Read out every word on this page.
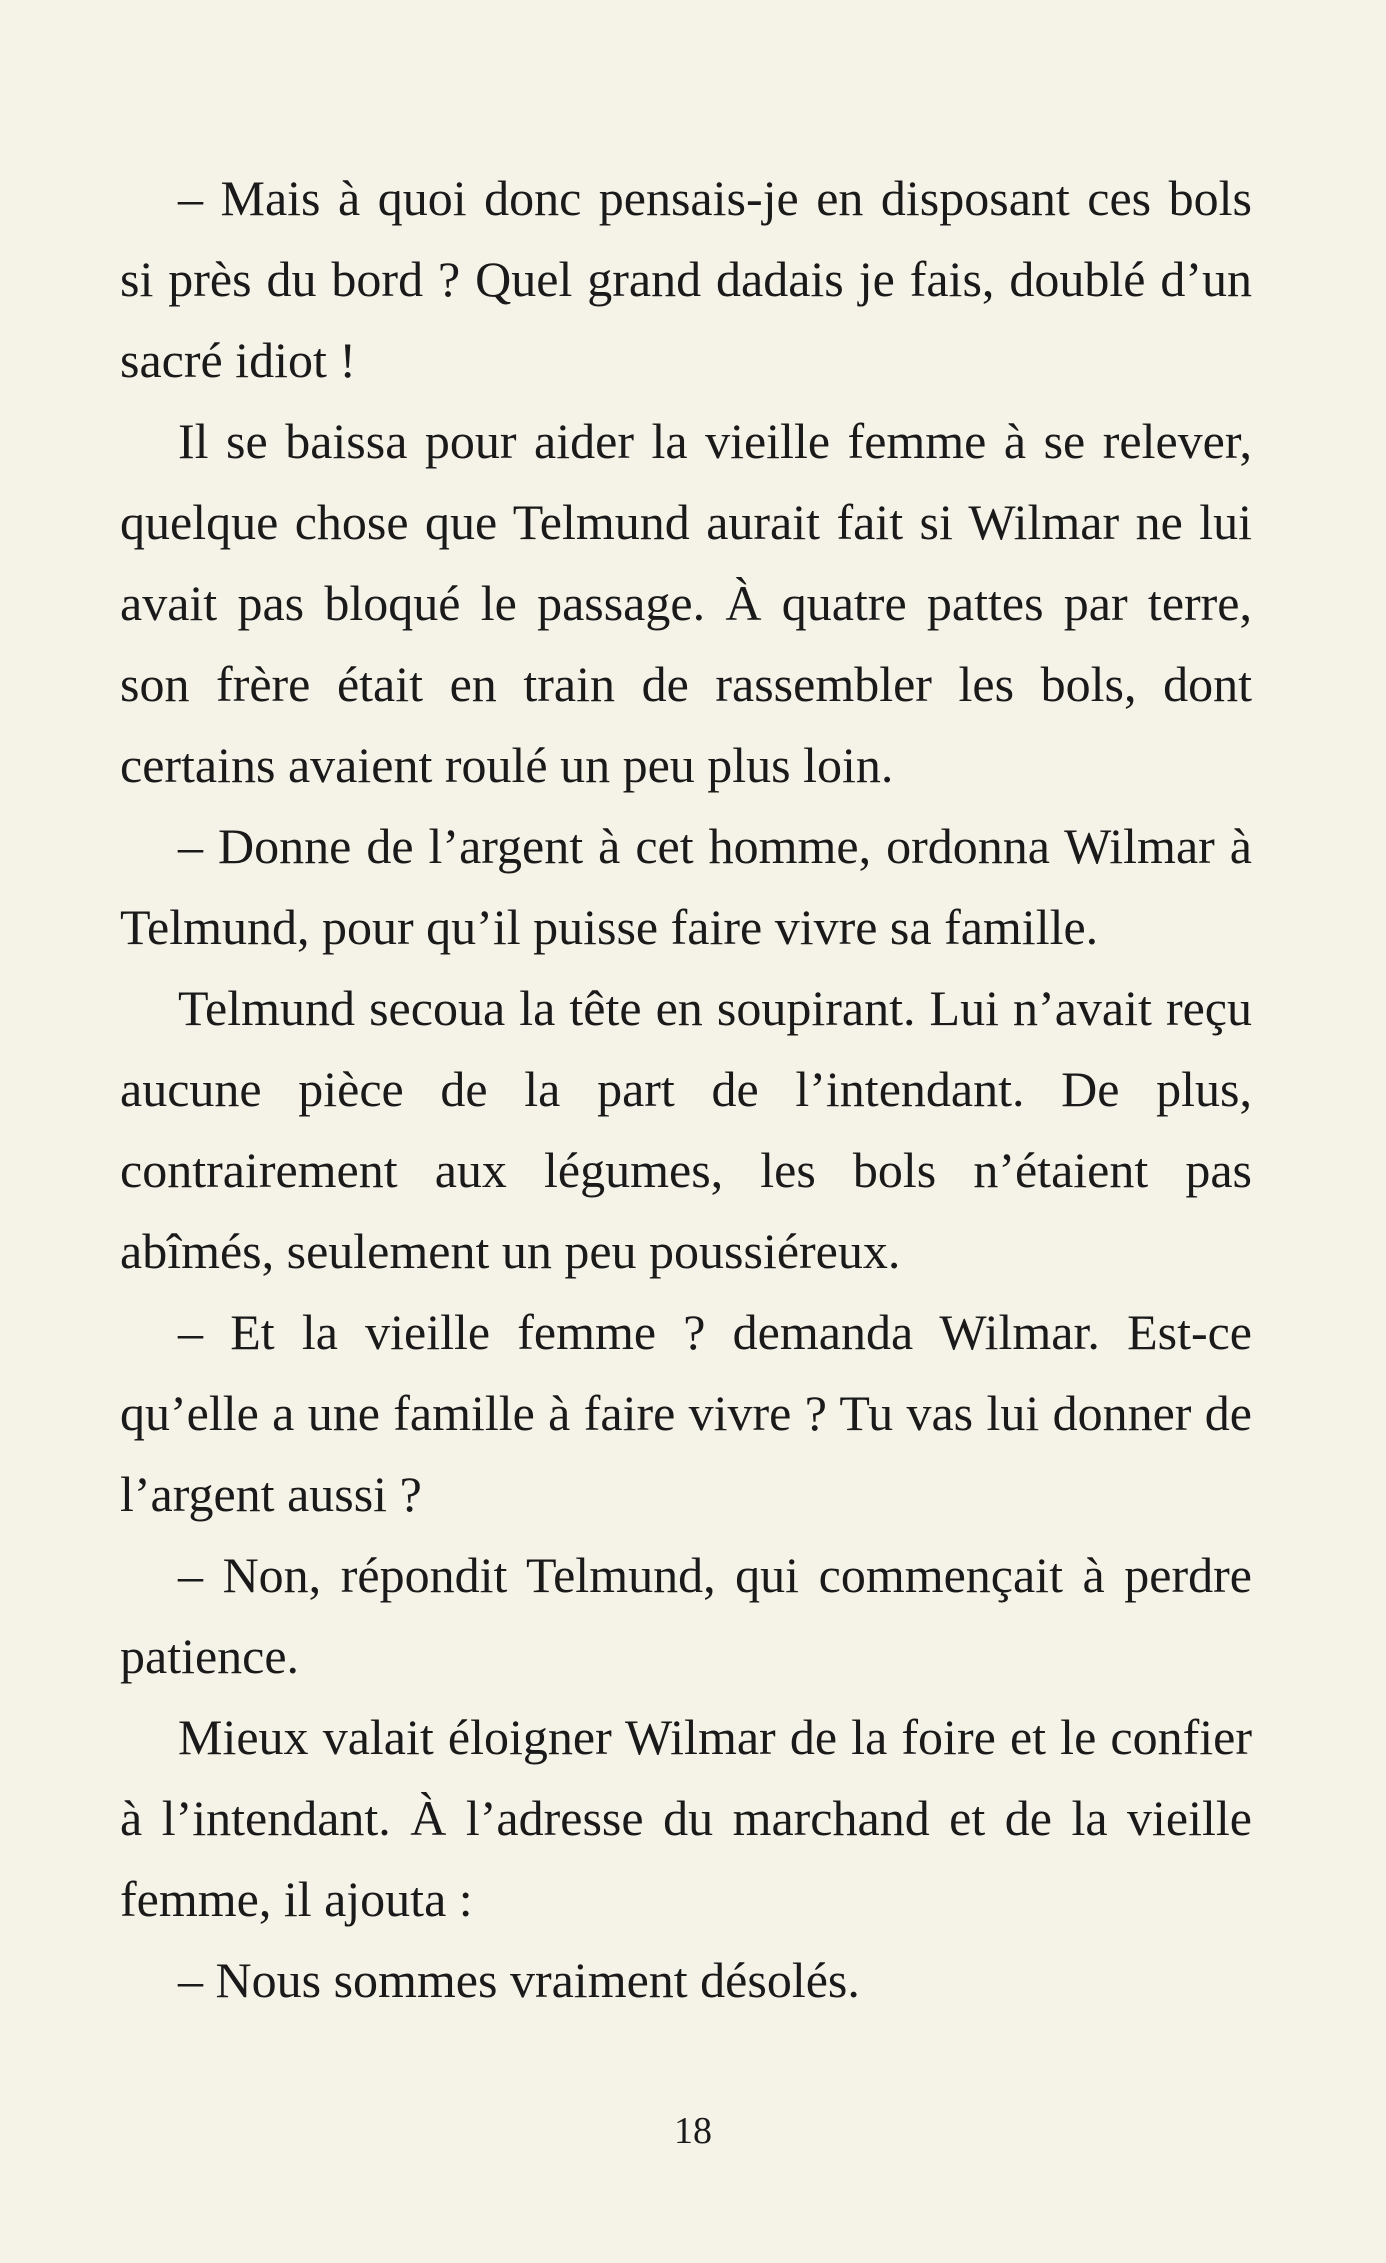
– Mais à quoi donc pensais-je en disposant ces bols si près du bord ? Quel grand dadais je fais, doublé d’un sacré idiot !

Il se baissa pour aider la vieille femme à se relever, quelque chose que Telmund aurait fait si Wilmar ne lui avait pas bloqué le passage. À quatre pattes par terre, son frère était en train de rassembler les bols, dont certains avaient roulé un peu plus loin.

– Donne de l’argent à cet homme, ordonna Wilmar à Telmund, pour qu’il puisse faire vivre sa famille.

Telmund secoua la tête en soupirant. Lui n’avait reçu aucune pièce de la part de l’intendant. De plus, contrairement aux légumes, les bols n’étaient pas abîmés, seulement un peu poussiéreux.

– Et la vieille femme ? demanda Wilmar. Est-ce qu’elle a une famille à faire vivre ? Tu vas lui donner de l’argent aussi ?

– Non, répondit Telmund, qui commençait à perdre patience.

Mieux valait éloigner Wilmar de la foire et le confier à l’intendant. À l’adresse du marchand et de la vieille femme, il ajouta :

– Nous sommes vraiment désolés.

18
